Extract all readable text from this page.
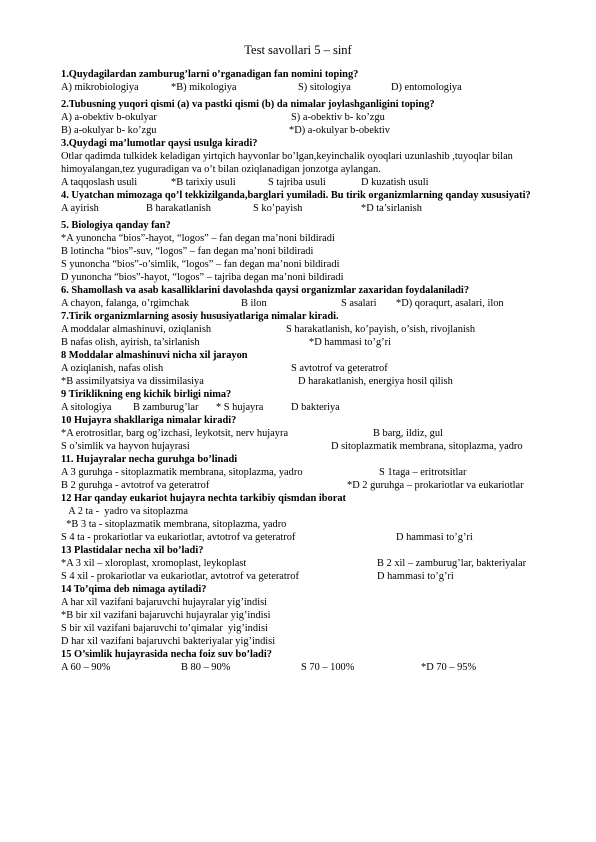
Test savollari 5 – sinf
1.Quydagilardan zamburug’larni o’rganadigan fan nomini toping?
A) mikrobiologiya	*B) mikologiya	S) sitologiya	D) entomologiya
2.Tubusning yuqori qismi (a) va pastki qismi (b) da nimalar joylashganligini toping?
A) a-obektiv b-okulyar	S) a-obektiv b- ko’zgu
B) a-okulyar b- ko’zgu	*D) a-okulyar b-obektiv
3.Quydagi ma’lumotlar qaysi usulga kiradi?
Otlar qadimda tulkidek keladigan yirtqich hayvonlar bo’lgan,keyinchalik oyoqlari uzunlashib ,tuyoqlar bilan himoyalangan,tez yuguradigan va o’t bilan oziqlanadigan jonzotga aylangan.
A taqqoslash usuli	*B tarixiy usuli	S tajriba usuli	D kuzatish usuli
4. Uyatchan mimozaga qo’l tekkizilganda,barglari yumiladi. Bu tirik organizmlarning qanday xususiyati?
A ayirish	B harakatlanish	S ko’payish	*D ta’sirlanish
5. Biologiya qanday fan?
*A yunoncha “bios”-hayot, “logos” – fan degan ma’noni bildiradi
B lotincha “bios”-suv, “logos” – fan degan ma’noni bildiradi
S yunoncha “bios”-o’simlik, “logos” – fan degan ma’noni bildiradi
D yunoncha “bios”-hayot, “logos” – tajriba degan ma’noni bildiradi
6. Shamollash va asab kasalliklarini davolashda qaysi organizmlar zaxaridan foydalaniladi?
A chayon, falanga, o’rgimchak	B ilon	S asalari *D) qoraqurt, asalari, ilon
7.Tirik organizmlarning asosiy hususiyatlariga nimalar kiradi.
A moddalar almashinuvi, oziqlanish	S harakatlanish, ko’payish, o’sish, rivojlanish
B nafas olish, ayirish, ta’sirlanish	*D hammasi to’g’ri
8 Moddalar almashinuvi nicha xil jarayon
A oziqlanish, nafas olish	S avtotrof va geteratrof
*B assimilyatsiya va dissimilasiya	D harakatlanish, energiya hosil qilish
9 Tiriklikning eng kichik birligi nima?
A sitologiya B zamburug’lar * S hujayra	D bakteriya
10 Hujayra shakllariga nimalar kiradi?
*A erotrositlar, barg og’izchasi, leykotsit, nerv hujayra	B barg, ildiz, gul
S o’simlik va hayvon hujayrasi	D sitoplazmatik membrana, sitoplazma, yadro
11. Hujayralar necha guruhga bo’linadi
A 3 guruhga - sitoplazmatik membrana, sitoplazma, yadro	S 1taga – eritrotsitlar
B 2 guruhga - avtotrof va geteratrof	*D 2 guruhga – prokariotlar va eukariotlar
12 Har qanday eukariot hujayra nechta tarkibiy qismdan iborat
A 2 ta -  yadro va sitoplazma
*B 3 ta - sitoplazmatik membrana, sitoplazma, yadro
S 4 ta - prokariotlar va eukariotlar, avtotrof va geteratrof	D hammasi to’g’ri
13 Plastidalar necha xil bo’ladi?
*A 3 xil – xloroplast, xromoplast, leykoplast	B 2 xil – zamburug’lar, bakteriyalar
S 4 xil - prokariotlar va eukariotlar, avtotrof va geteratrof	D hammasi to’g’ri
14 To’qima deb nimaga aytiladi?
A har xil vazifani bajaruvchi hujayralar yig’indisi
*B bir xil vazifani bajaruvchi hujayralar yig’indisi
S bir xil vazifani bajaruvchi to’qimalar  yig’indisi
D har xil vazifani bajaruvchi bakteriyalar yig’indisi
15 O’simlik hujayrasida necha foiz suv bo’ladi?
A 60 – 90%	B 80 – 90%	S 70 – 100%	*D 70 – 95%
